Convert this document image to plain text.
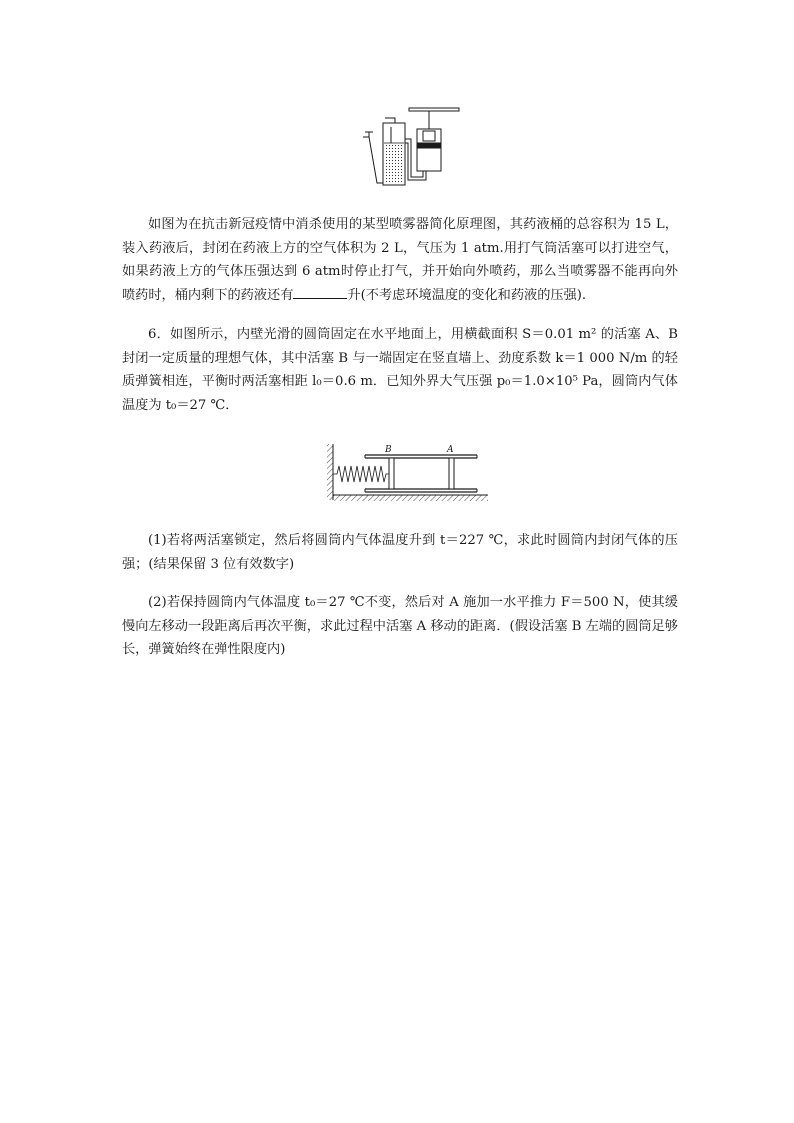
如图为在抗击新冠疫情中消杀使用的某型喷雾器简化原理图，其药液桶的总容积为 15 L，装入药液后，封闭在药液上方的空气体积为 2 L，气压为 1 atm.用打气筒活塞可以打进空气，如果药液上方的气体压强达到 6 atm时停止打气，并开始向外喷药，那么当喷雾器不能再向外喷药时，桶内剩下的药液还有	升(不考虑环境温度的变化和药液的压强).

6．如图所示，内壁光滑的圆筒固定在水平地面上，用横截面积 S＝0.01 m² 的活塞 A、B 封闭一定质量的理想气体，其中活塞 B 与一端固定在竖直墙上、劲度系数 k＝1 000 N/m 的轻质弹簧相连，平衡时两活塞相距 l₀＝0.6 m．已知外界大气压强 p₀＝1.0×10⁵ Pa，圆筒内气体温度为 t₀＝27 ℃．

B	A

(1)若将两活塞锁定，然后将圆筒内气体温度升到 t＝227 ℃，求此时圆筒内封闭气体的压强；(结果保留 3 位有效数字)

(2)若保持圆筒内气体温度 t₀＝27 ℃不变，然后对 A 施加一水平推力 F＝500 N，使其缓慢向左移动一段距离后再次平衡，求此过程中活塞 A 移动的距离．(假设活塞 B 左端的圆筒足够长，弹簧始终在弹性限度内)
